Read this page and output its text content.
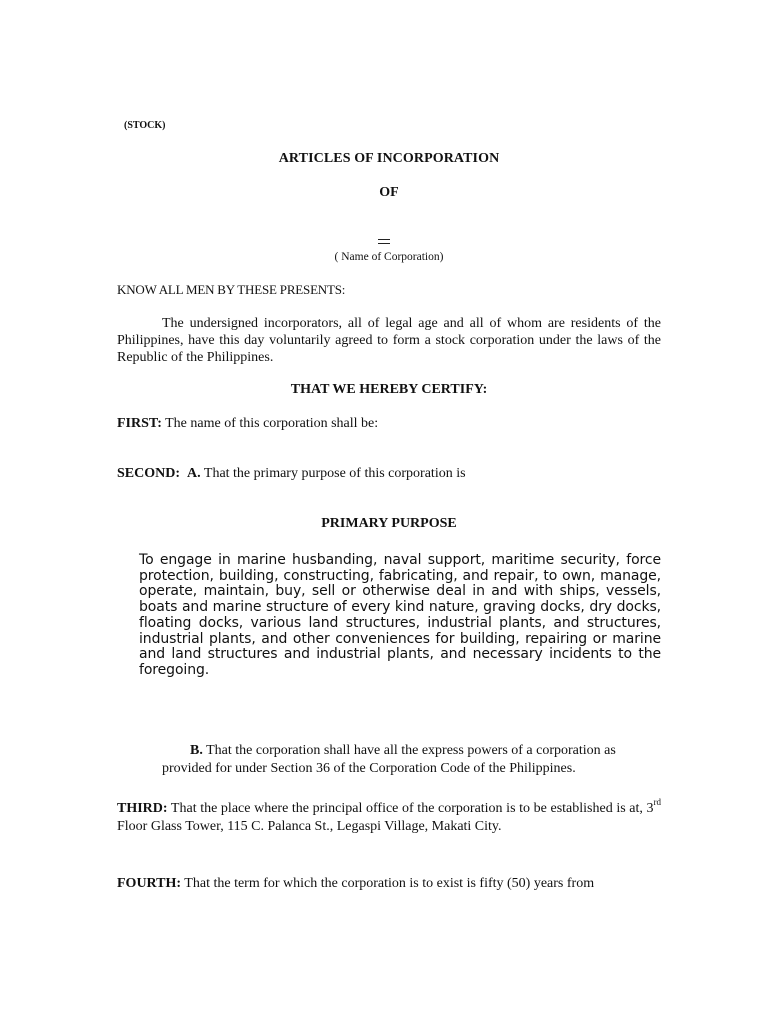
(STOCK)
ARTICLES OF INCORPORATION
OF
( Name of Corporation)
KNOW ALL MEN BY THESE PRESENTS:
The undersigned incorporators, all of legal age and all of whom are residents of the Philippines, have this day voluntarily agreed to form a stock corporation under the laws of the Republic of the Philippines.
THAT WE HEREBY CERTIFY:
FIRST: The name of this corporation shall be:
SECOND: A. That the primary purpose of this corporation is
PRIMARY PURPOSE
To engage in marine husbanding, naval support, maritime security, force protection, building, constructing, fabricating, and repair, to own, manage, operate, maintain, buy, sell or otherwise deal in and with ships, vessels, boats and marine structure of every kind nature, graving docks, dry docks, floating docks, various land structures, industrial plants, and structures, industrial plants, and other conveniences for building, repairing or marine and land structures and industrial plants, and necessary incidents to the foregoing.
B. That the corporation shall have all the express powers of a corporation as provided for under Section 36 of the Corporation Code of the Philippines.
THIRD: That the place where the principal office of the corporation is to be established is at, 3rd Floor Glass Tower, 115 C. Palanca St., Legaspi Village, Makati City.
FOURTH: That the term for which the corporation is to exist is fifty (50) years from
